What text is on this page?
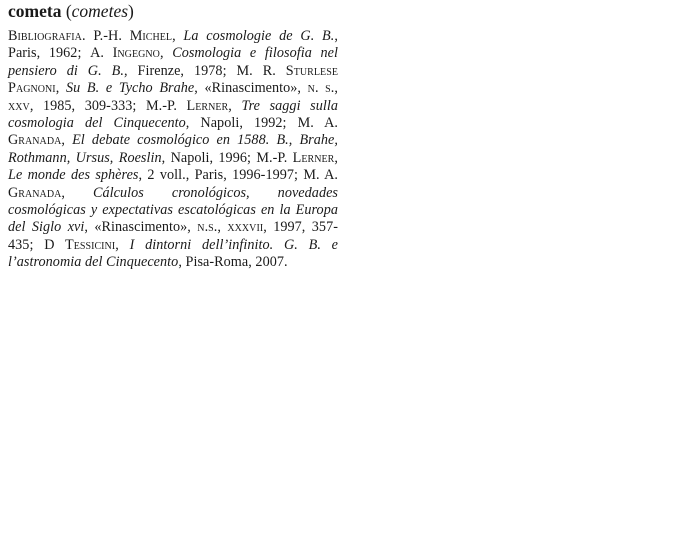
cometa (cometes)

Bibliografia. P.-H. Michel, La cosmologie de G. B., Paris, 1962; A. Ingegno, Cosmologia e filosofia nel pensiero di G. B., Firenze, 1978; M. R. Sturlese Pagnoni, Su B. e Tycho Brahe, «Rinascimento», n. s., xxv, 1985, 309-333; M.-P. Lerner, Tre saggi sulla cosmologia del Cinquecento, Napoli, 1992; M. A. Granada, El debate cosmológico en 1588. B., Brahe, Rothmann, Ursus, Roeslin, Napoli, 1996; M.-P. Lerner, Le monde des sphères, 2 voll., Paris, 1996-1997; M. A. Granada, Cálculos cronológicos, novedades cosmológicas y expectativas escatológicas en la Europa del Siglo xvi, «Rinascimento», n.s., xxxvii, 1997, 357-435; D Tessicini, I dintorni dell’infinito. G. B. e l’astronomia del Cinquecento, Pisa-Roma, 2007.
